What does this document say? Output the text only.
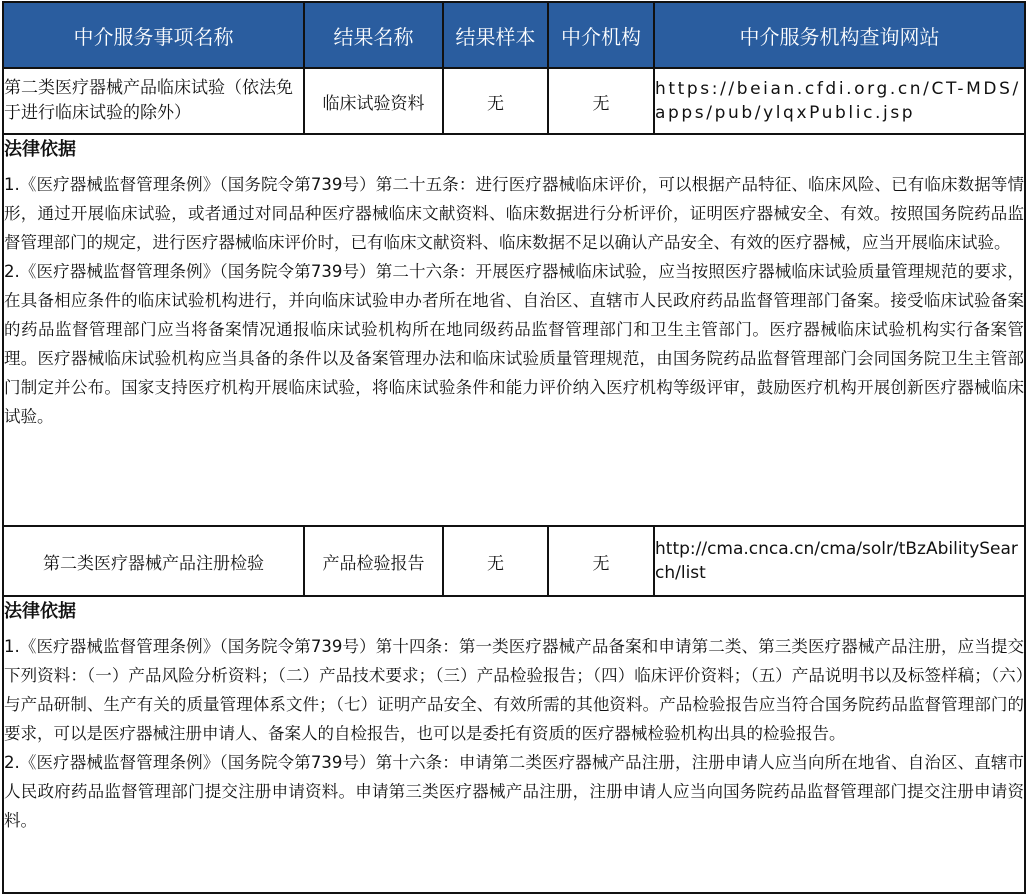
中介服务事项名称	结果名称	结果样本	中介机构	中介服务机构查询网站
第二类医疗器械产品临床试验（依法免于进行临床试验的除外）	临床试验资料	无	无	https://beian.cfdi.org.cn/CT-MDS/apps/pub/ylqxPublic.jsp

法律依据

1.《医疗器械监督管理条例》（国务院令第739号）第二十五条：进行医疗器械临床评价，可以根据产品特征、临床风险、已有临床数据等情形，通过开展临床试验，或者通过对同品种医疗器械临床文献资料、临床数据进行分析评价，证明医疗器械安全、有效。按照国务院药品监督管理部门的规定，进行医疗器械临床评价时，已有临床文献资料、临床数据不足以确认产品安全、有效的医疗器械，应当开展临床试验。

2.《医疗器械监督管理条例》（国务院令第739号）第二十六条：开展医疗器械临床试验，应当按照医疗器械临床试验质量管理规范的要求，在具备相应条件的临床试验机构进行，并向临床试验申办者所在地省、自治区、直辖市人民政府药品监督管理部门备案。接受临床试验备案的药品监督管理部门应当将备案情况通报临床试验机构所在地同级药品监督管理部门和卫生主管部门。医疗器械临床试验机构实行备案管理。医疗器械临床试验机构应当具备的条件以及备案管理办法和临床试验质量管理规范，由国务院药品监督管理部门会同国务院卫生主管部门制定并公布。国家支持医疗机构开展临床试验，将临床试验条件和能力评价纳入医疗机构等级评审，鼓励医疗机构开展创新医疗器械临床试验。				

第二类医疗器械产品注册检验	产品检验报告	无	无	http://cma.cnca.cn/cma/solr/tBzAbilitySearch/list

法律依据

1.《医疗器械监督管理条例》（国务院令第739号）第十四条：第一类医疗器械产品备案和申请第二类、第三类医疗器械产品注册，应当提交下列资料：（一）产品风险分析资料；（二）产品技术要求；（三）产品检验报告；（四）临床评价资料；（五）产品说明书以及标签样稿；（六）与产品研制、生产有关的质量管理体系文件；（七）证明产品安全、有效所需的其他资料。产品检验报告应当符合国务院药品监督管理部门的要求，可以是医疗器械注册申请人、备案人的自检报告，也可以是委托有资质的医疗器械检验机构出具的检验报告。

2.《医疗器械监督管理条例》（国务院令第739号）第十六条：申请第二类医疗器械产品注册，注册申请人应当向所在地省、自治区、直辖市人民政府药品监督管理部门提交注册申请资料。申请第三类医疗器械产品注册，注册申请人应当向国务院药品监督管理部门提交注册申请资料。				
